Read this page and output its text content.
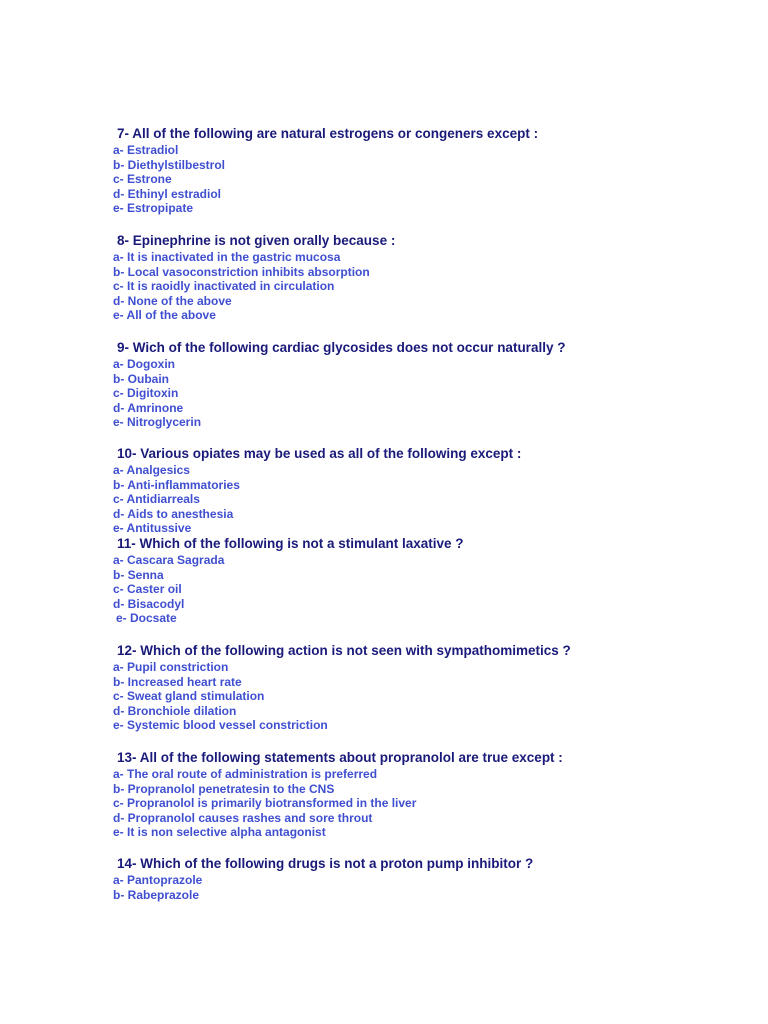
7- All of the following are natural estrogens or congeners except :
a- Estradiol
b- Diethylstilbestrol
c- Estrone
d- Ethinyl estradiol
e- Estropipate
8- Epinephrine is not given orally because :
a- It is inactivated in the gastric mucosa
b- Local vasoconstriction inhibits absorption
c- It is raoidly inactivated in circulation
d- None of the above
e- All of the above
9- Wich of the following cardiac glycosides does not occur naturally ?
a- Dogoxin
b- Oubain
c- Digitoxin
d- Amrinone
e- Nitroglycerin
10- Various opiates may be used as all of the following except :
a- Analgesics
b- Anti-inflammatories
c- Antidiarreals
d- Aids to anesthesia
e- Antitussive
11- Which of the following is not a stimulant laxative ?
a- Cascara Sagrada
b- Senna
c- Caster oil
d- Bisacodyl
e- Docsate
12- Which of the following action is not seen with sympathomimetics ?
a- Pupil constriction
b- Increased heart rate
c- Sweat gland stimulation
d- Bronchiole dilation
e- Systemic blood vessel constriction
13- All of the following statements about propranolol are true except :
a- The oral route of administration is preferred
b- Propranolol penetratesin to the CNS
c- Propranolol is primarily biotransformed in the liver
d- Propranolol causes rashes and sore throut
e- It is non selective alpha antagonist
14- Which of the following drugs is not a proton pump inhibitor ?
a- Pantoprazole
b- Rabeprazole
